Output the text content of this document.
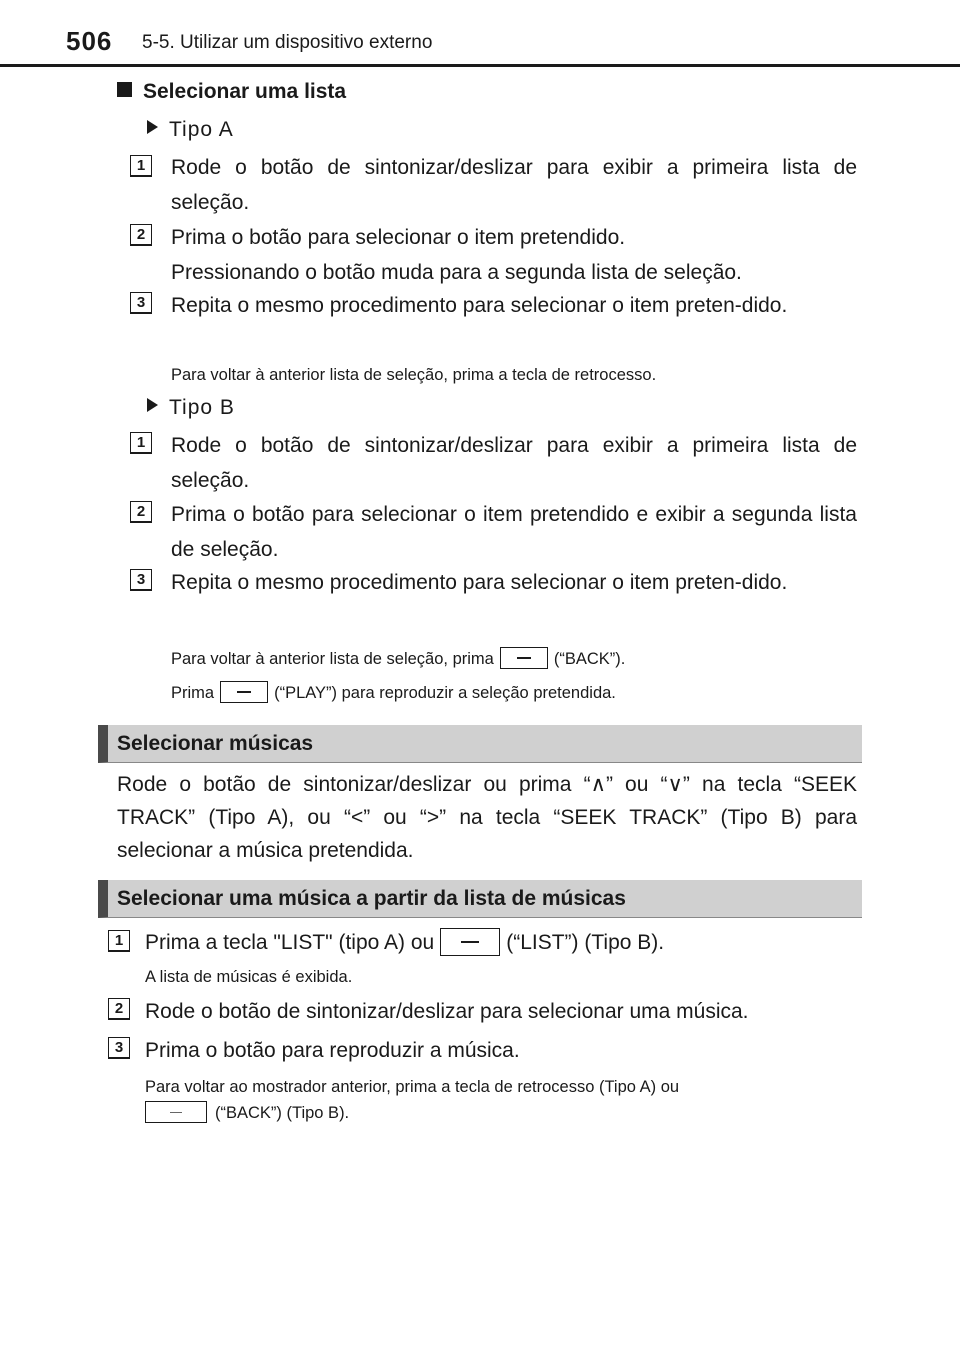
506 5-5. Utilizar um dispositivo externo
Selecionar uma lista
Tipo A
1	Rode o botão de sintonizar/deslizar para exibir a primeira lista de seleção.
2	Prima o botão para selecionar o item pretendido.
Pressionando o botão muda para a segunda lista de seleção.
3	Repita o mesmo procedimento para selecionar o item preten-dido.
Para voltar à anterior lista de seleção, prima a tecla de retrocesso.
Tipo B
1	Rode o botão de sintonizar/deslizar para exibir a primeira lista de seleção.
2	Prima o botão para selecionar o item pretendido e exibir a segunda lista de seleção.
3	Repita o mesmo procedimento para selecionar o item preten-dido.
Para voltar à anterior lista de seleção, prima	(“BACK”).
Prima	(“PLAY”) para reproduzir a seleção pretendida.
Selecionar músicas
Rode o botão de sintonizar/deslizar ou prima “∧” ou “∨” na tecla “SEEK TRACK” (Tipo A), ou “<” ou “>” na tecla “SEEK TRACK” (Tipo B) para selecionar a música pretendida.
Selecionar uma música a partir da lista de músicas
1	Prima a tecla "LIST" (tipo A) ou	(“LIST”) (Tipo B).
A lista de músicas é exibida.
2	Rode o botão de sintonizar/deslizar para selecionar uma música.
3	Prima o botão para reproduzir a música.
Para voltar ao mostrador anterior, prima a tecla de retrocesso (Tipo A) ou
(“BACK”) (Tipo B).
